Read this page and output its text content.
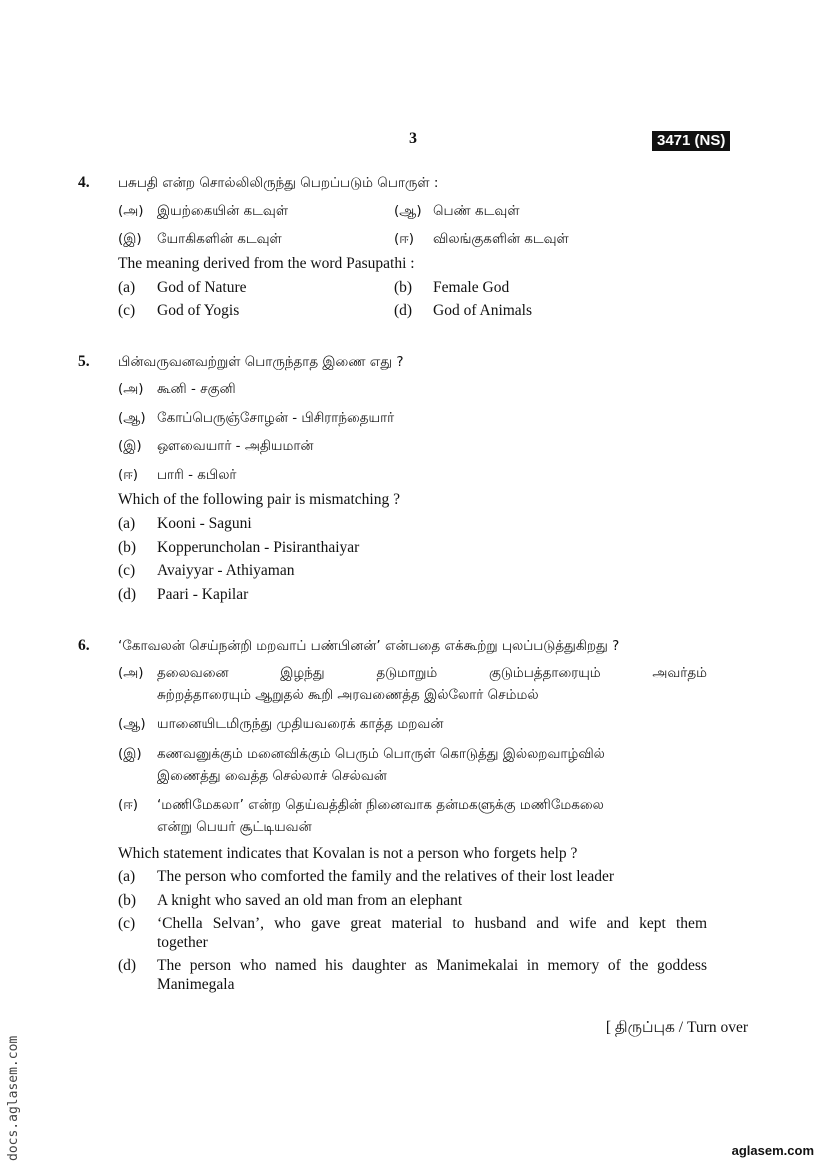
3	3471 (NS)
4. பசுபதி என்ற சொல்லிலிருந்து பெறப்படும் பொருள் :
(அ) இயற்கையின் கடவுள்	(ஆ) பெண் கடவுள்
(இ) யோகிகளின் கடவுள்	(ஈ) விலங்குகளின் கடவுள்
The meaning derived from the word Pasupathi :
(a) God of Nature	(b) Female God
(c) God of Yogis	(d) God of Animals
5. பின்வருவனவற்றுள் பொருந்தாத இணை எது ?
(அ) கூனி - சகுனி
(ஆ) கோப்பெருஞ்சோழன் - பிசிராந்தையார்
(இ) ஔவையார் - அதியமான்
(ஈ) பாரி - கபிலர்
Which of the following pair is mismatching ?
(a) Kooni - Saguni
(b) Kopperuncholan - Pisiranthaiyar
(c) Avaiyyar - Athiyaman
(d) Paari - Kapilar
6. ‘கோவலன் செய்நன்றி மறவாப் பண்பினன்’ என்பதை எக்கூற்று புலப்படுத்துகிறது ?
(அ) தலைவனை இழந்து தடுமாறும் குடும்பத்தாரையும் அவர்தம்
சுற்றத்தாரையும் ஆறுதல் கூறி அரவணைத்த இல்லோர் செம்மல்
(ஆ) யானையிடமிருந்து முதியவரைக் காத்த மறவன்
(இ) கணவனுக்கும் மனைவிக்கும் பெரும் பொருள் கொடுத்து இல்லறவாழ்வில்
இணைத்து வைத்த செல்லாச் செல்வன்
(ஈ) ‘மணிமேகலா’ என்ற தெய்வத்தின் நினைவாக தன்மகளுக்கு மணிமேகலை
என்று பெயர் சூட்டியவன்
Which statement indicates that Kovalan is not a person who forgets help ?
(a) The person who comforted the family and the relatives of their lost leader
(b) A knight who saved an old man from an elephant
(c) ‘Chella Selvan’, who gave great material to husband and wife and kept them
together
(d) The person who named his daughter as Manimekalai in memory of the goddess
Manimegala
[ திருப்புக / Turn over
docs.aglasem.com	aglasem.com
